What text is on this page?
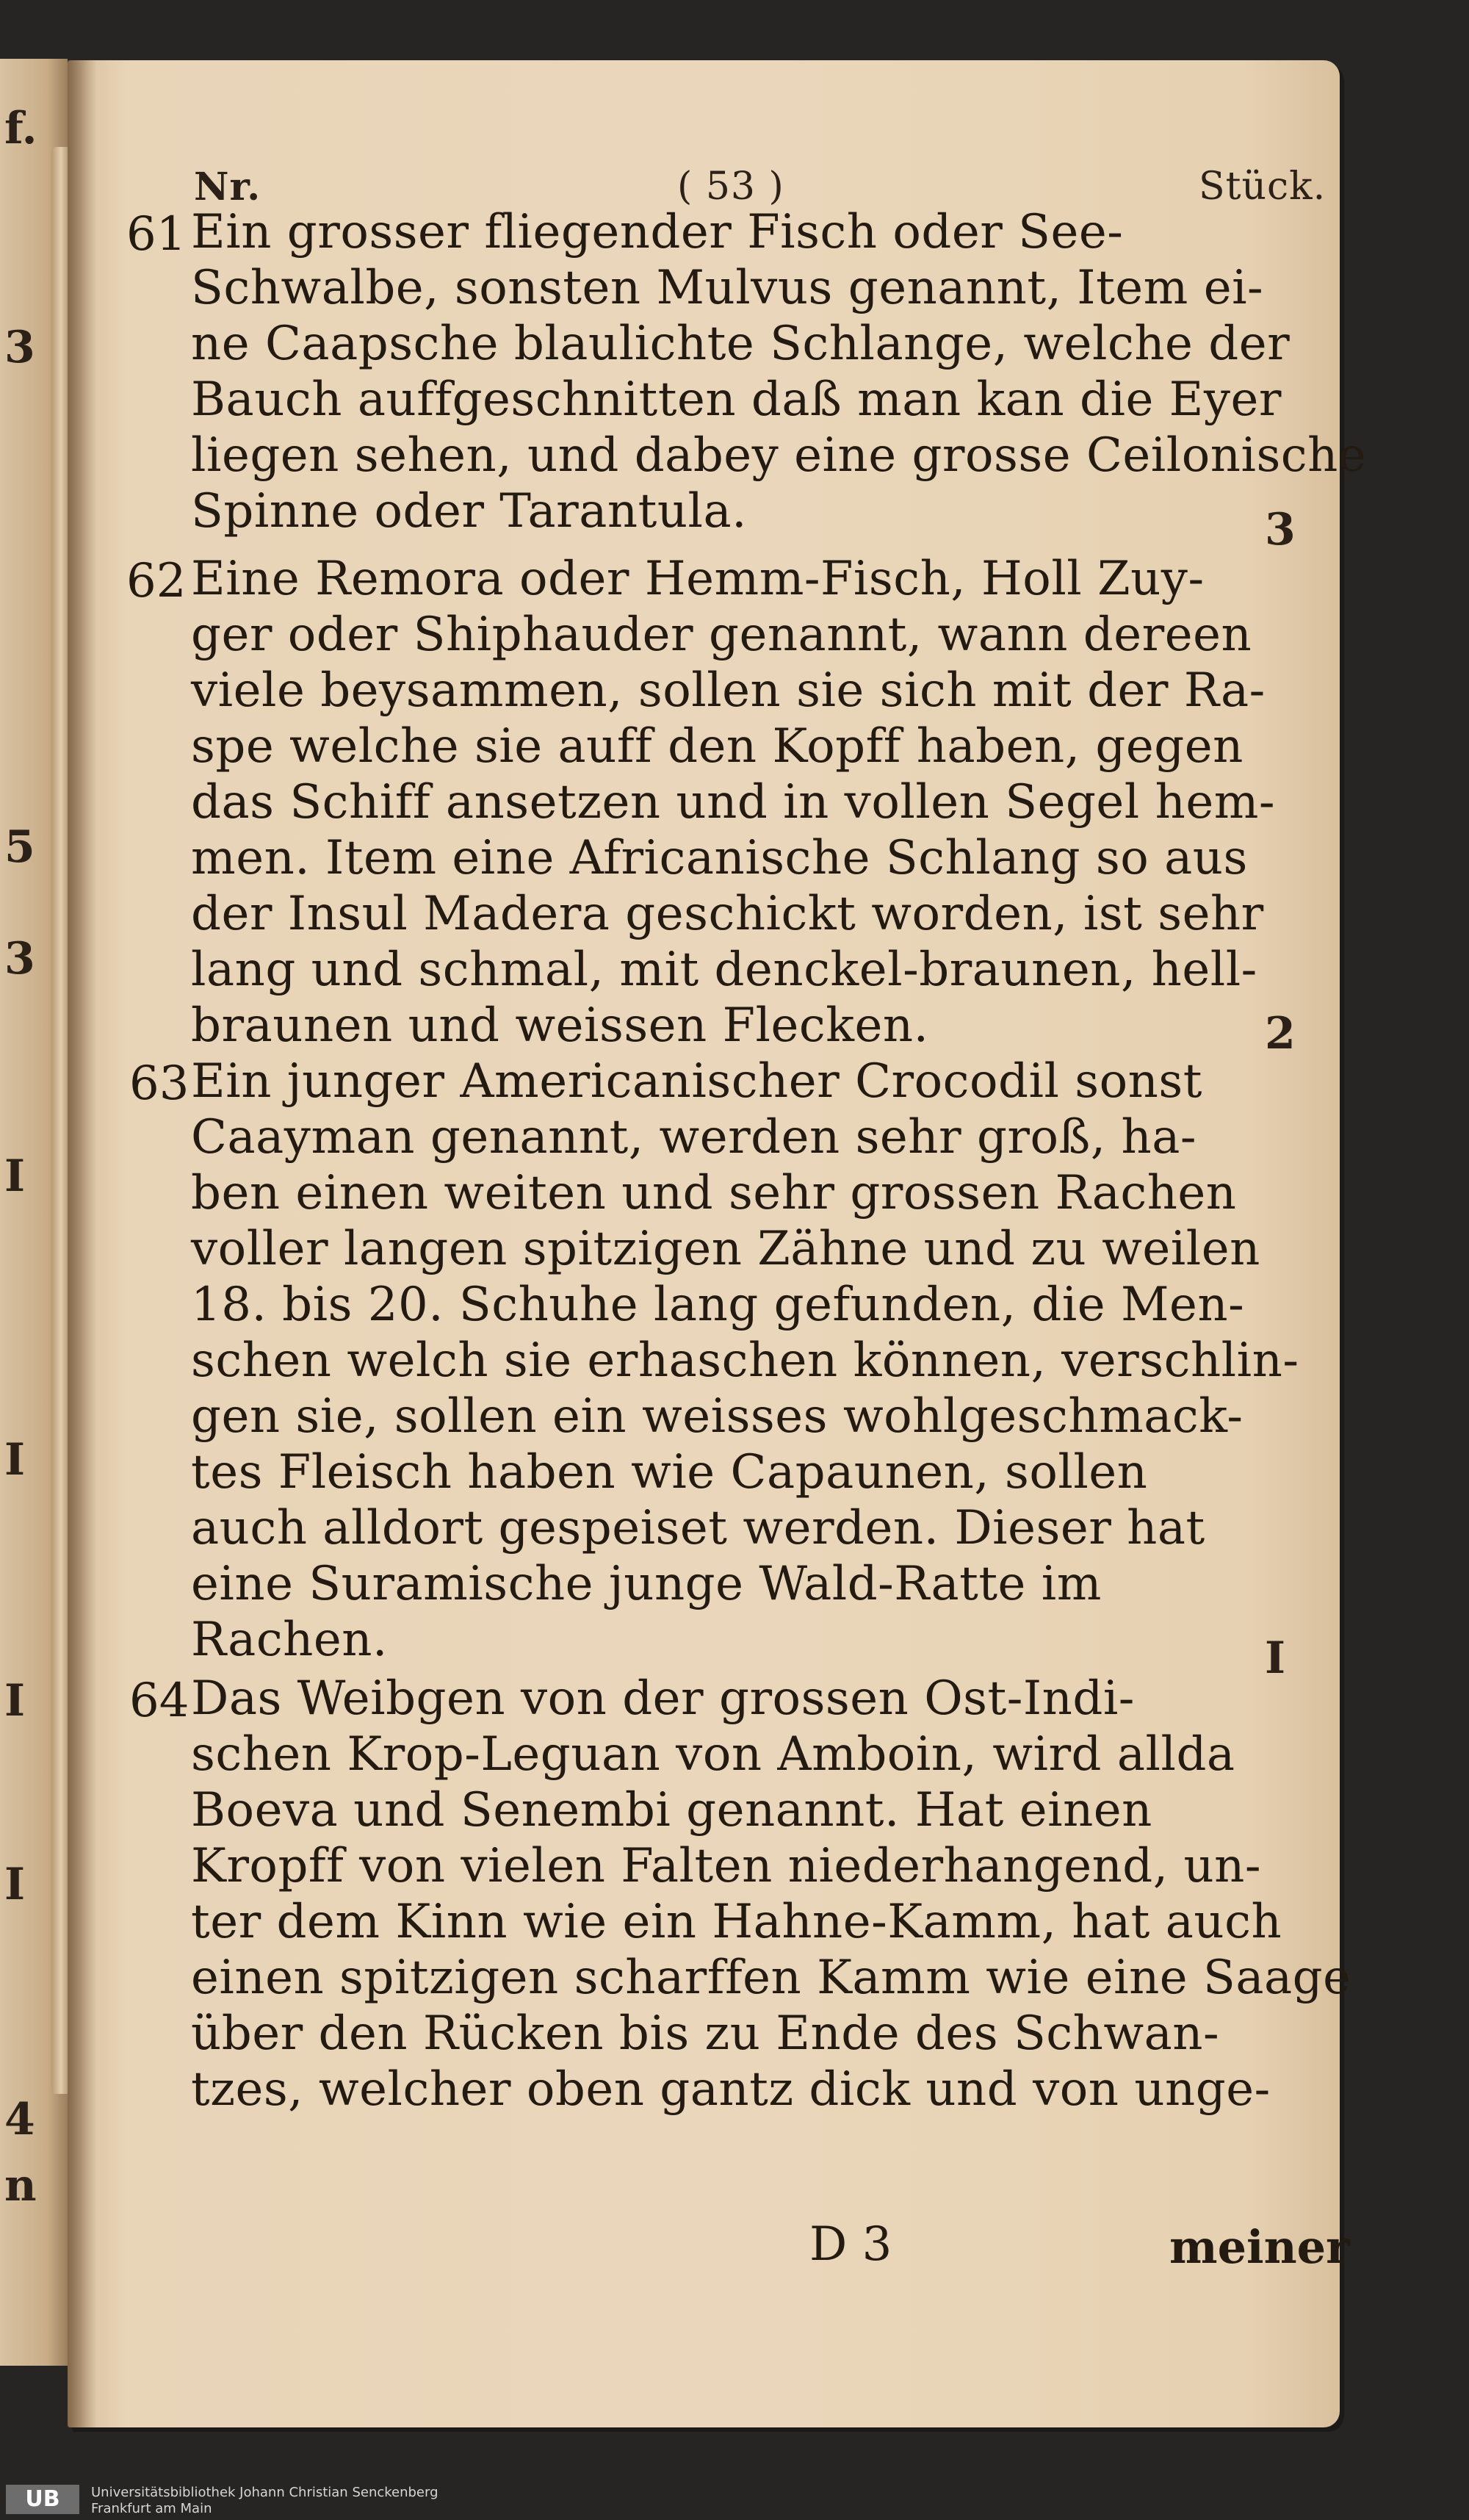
f.
3
5
3
I
I
I
I
4
n
Nr.	( 53 )	Stück.
61 Ein grosser fliegender Fisch oder See-
Schwalbe, sonsten Mulvus genannt, Item ei-
ne Caapsche blaulichte Schlange, welche der
Bauch auffgeschnitten daß man kan die Eyer
liegen sehen, und dabey eine grosse Ceilonische
Spinne oder Tarantula.	3
62 Eine Remora oder Hemm-Fisch, Holl Zuy-
ger oder Shiphauder genannt, wann dereen
viele beysammen, sollen sie sich mit der Ra-
spe welche sie auff den Kopff haben, gegen
das Schiff ansetzen und in vollen Segel hem-
men. Item eine Africanische Schlang so aus
der Insul Madera geschickt worden, ist sehr
lang und schmal, mit denckel-braunen, hell-
braunen und weissen Flecken.	2
63 Ein junger Americanischer Crocodil sonst
Caayman genannt, werden sehr groß, ha-
ben einen weiten und sehr grossen Rachen
voller langen spitzigen Zähne und zu weilen
18. bis 20. Schuhe lang gefunden, die Men-
schen welch sie erhaschen können, verschlin-
gen sie, sollen ein weisses wohlgeschmack-
tes Fleisch haben wie Capaunen, sollen
auch alldort gespeiset werden. Dieser hat
eine Suramische junge Wald-Ratte im
Rachen.	I
64 Das Weibgen von der grossen Ost-Indi-
schen Krop-Leguan von Amboin, wird allda
Boeva und Senembi genannt. Hat einen
Kropff von vielen Falten niederhangend, un-
ter dem Kinn wie ein Hahne-Kamm, hat auch
einen spitzigen scharffen Kamm wie eine Saage
über den Rücken bis zu Ende des Schwan-
tzes, welcher oben gantz dick und von unge-
D 3	meiner
UB	Universitätsbibliothek Johann Christian Senckenberg
Frankfurt am Main
